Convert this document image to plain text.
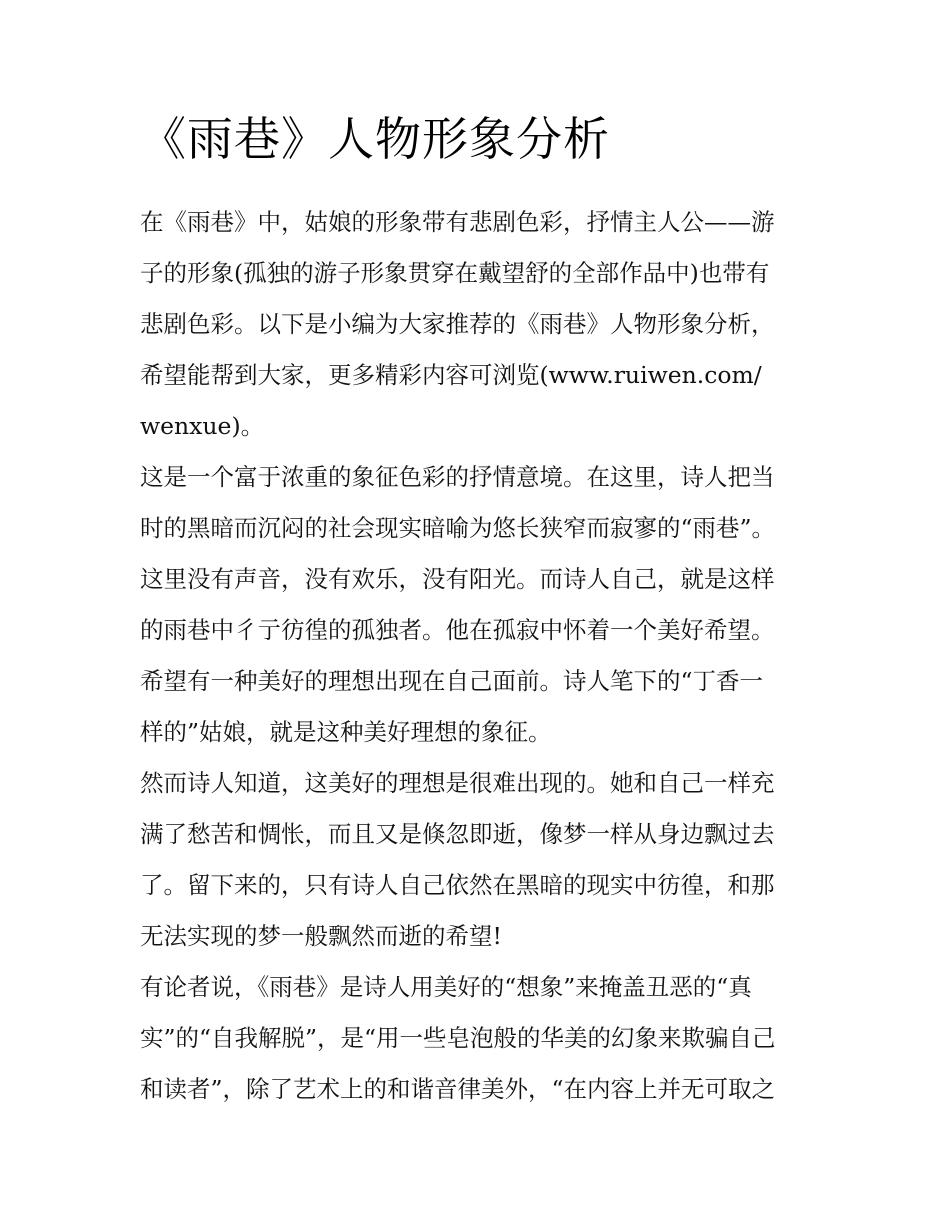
《雨巷》人物形象分析

在《雨巷》中，姑娘的形象带有悲剧色彩，抒情主人公——游

子的形象(孤独的游子形象贯穿在戴望舒的全部作品中)也带有

悲剧色彩。以下是小编为大家推荐的《雨巷》人物形象分析，

希望能帮到大家，更多精彩内容可浏览(www.ruiwen.com/

wenxue)。

这是一个富于浓重的象征色彩的抒情意境。在这里，诗人把当

时的黑暗而沉闷的社会现实暗喻为悠长狭窄而寂寥的“雨巷”。

这里没有声音，没有欢乐，没有阳光。而诗人自己，就是这样

的雨巷中彳亍彷徨的孤独者。他在孤寂中怀着一个美好希望。

希望有一种美好的理想出现在自己面前。诗人笔下的“丁香一

样的”姑娘，就是这种美好理想的象征。

然而诗人知道，这美好的理想是很难出现的。她和自己一样充

满了愁苦和惆怅，而且又是倏忽即逝，像梦一样从身边飘过去

了。留下来的，只有诗人自己依然在黑暗的现实中彷徨，和那

无法实现的梦一般飘然而逝的希望!

有论者说，《雨巷》是诗人用美好的“想象”来掩盖丑恶的“真

实”的“自我解脱”，是“用一些皂泡般的华美的幻象来欺骗自己

和读者”，除了艺术上的和谐音律美外，“在内容上并无可取之
